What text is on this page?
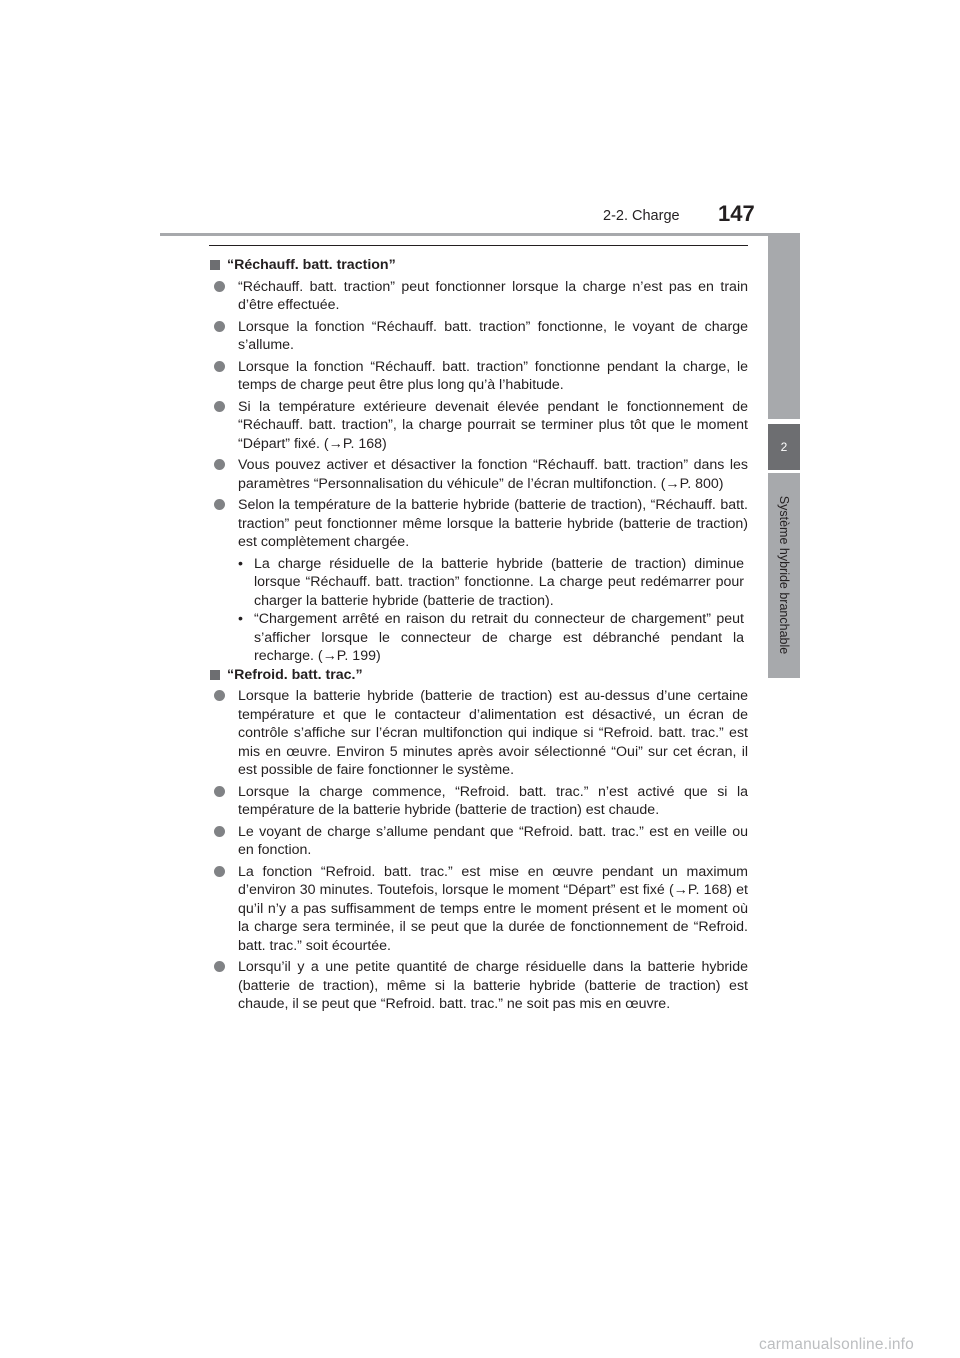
2-2. Charge 147
2
Système hybride branchable
“Réchauff. batt. traction”
“Réchauff. batt. traction” peut fonctionner lorsque la charge n’est pas en train d’être effectuée.
Lorsque la fonction “Réchauff. batt. traction” fonctionne, le voyant de charge s’allume.
Lorsque la fonction “Réchauff. batt. traction” fonctionne pendant la charge, le temps de charge peut être plus long qu’à l’habitude.
Si la température extérieure devenait élevée pendant le fonctionnement de “Réchauff. batt. traction”, la charge pourrait se terminer plus tôt que le moment “Départ” fixé. (→P. 168)
Vous pouvez activer et désactiver la fonction “Réchauff. batt. traction” dans les paramètres “Personnalisation du véhicule” de l’écran multifonction. (→P. 800)
Selon la température de la batterie hybride (batterie de traction), “Réchauff. batt. traction” peut fonctionner même lorsque la batterie hybride (batterie de traction) est complètement chargée.
• La charge résiduelle de la batterie hybride (batterie de traction) diminue lorsque “Réchauff. batt. traction” fonctionne. La charge peut redémarrer pour charger la batterie hybride (batterie de traction).
• “Chargement arrêté en raison du retrait du connecteur de chargement” peut s’afficher lorsque le connecteur de charge est débranché pendant la recharge. (→P. 199)
“Refroid. batt. trac.”
Lorsque la batterie hybride (batterie de traction) est au-dessus d’une certaine température et que le contacteur d’alimentation est désactivé, un écran de contrôle s’affiche sur l’écran multifonction qui indique si “Refroid. batt. trac.” est mis en œuvre. Environ 5 minutes après avoir sélectionné “Oui” sur cet écran, il est possible de faire fonctionner le système.
Lorsque la charge commence, “Refroid. batt. trac.” n’est activé que si la température de la batterie hybride (batterie de traction) est chaude.
Le voyant de charge s’allume pendant que “Refroid. batt. trac.” est en veille ou en fonction.
La fonction “Refroid. batt. trac.” est mise en œuvre pendant un maximum d’environ 30 minutes. Toutefois, lorsque le moment “Départ” est fixé (→P. 168) et qu’il n’y a pas suffisamment de temps entre le moment présent et le moment où la charge sera terminée, il se peut que la durée de fonctionnement de “Refroid. batt. trac.” soit écourtée.
Lorsqu’il y a une petite quantité de charge résiduelle dans la batterie hybride (batterie de traction), même si la batterie hybride (batterie de traction) est chaude, il se peut que “Refroid. batt. trac.” ne soit pas mis en œuvre.
carmanualsonline.info
